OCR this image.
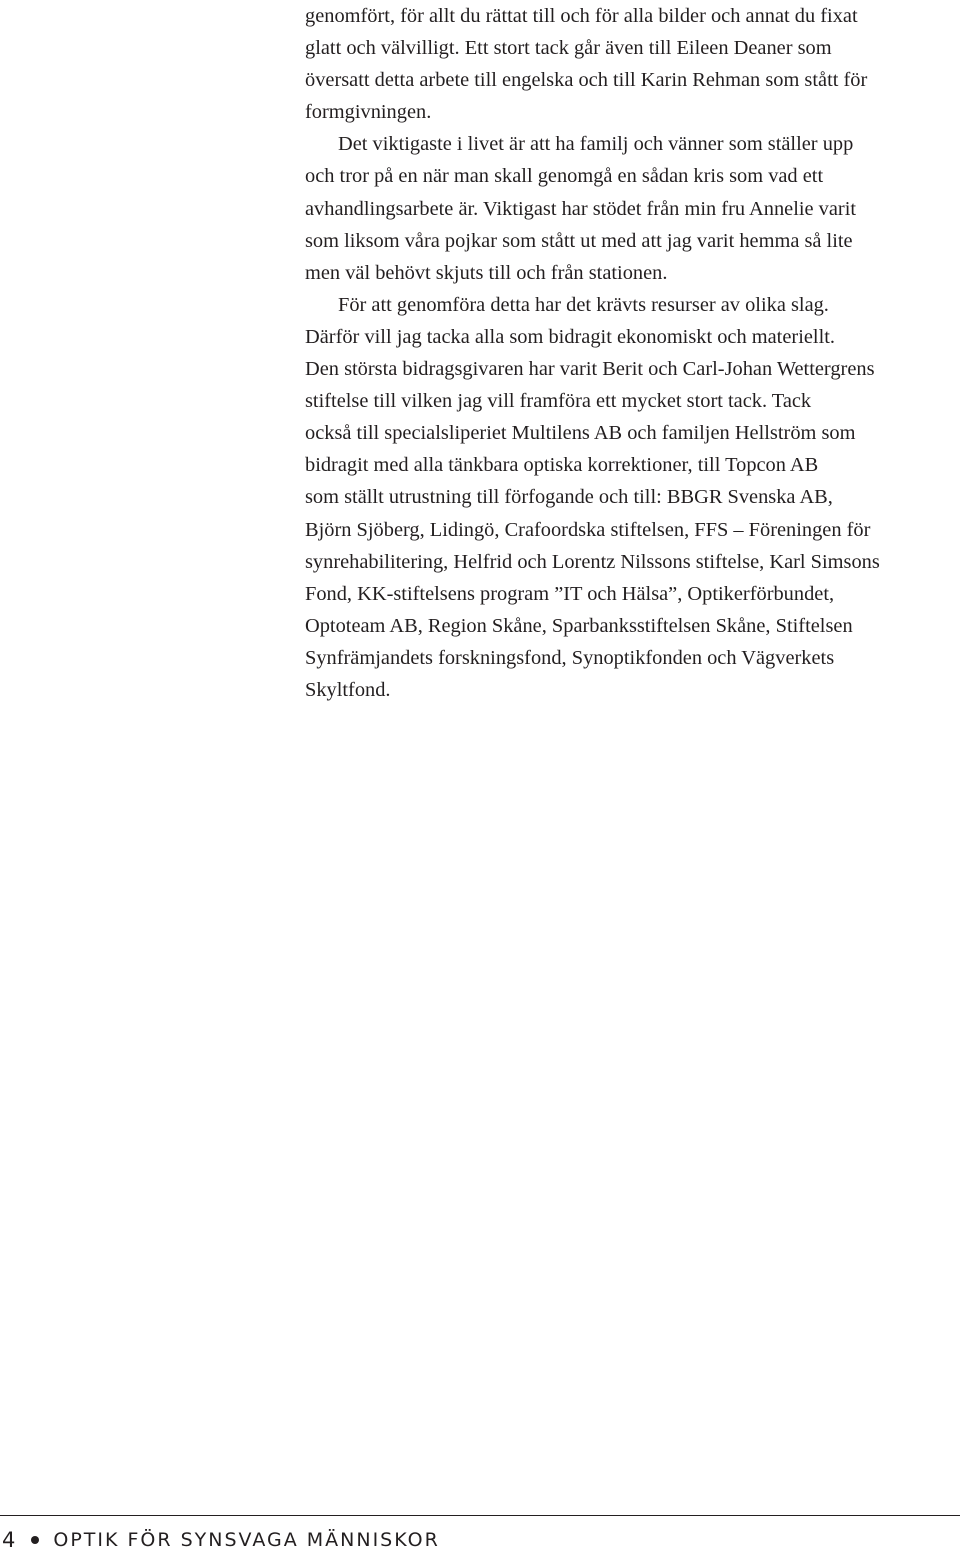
genomfört, för allt du rättat till och för alla bilder och annat du fixat
glatt och välvilligt. Ett stort tack går även till Eileen Deaner som
översatt detta arbete till engelska och till Karin Rehman som stått för
formgivningen.
Det viktigaste i livet är att ha familj och vänner som ställer upp
och tror på en när man skall genomgå en sådan kris som vad ett
avhandlingsarbete är. Viktigast har stödet från min fru Annelie varit
som liksom våra pojkar som stått ut med att jag varit hemma så lite
men väl behövt skjuts till och från stationen.
För att genomföra detta har det krävts resurser av olika slag.
Därför vill jag tacka alla som bidragit ekonomiskt och materiellt.
Den största bidragsgivaren har varit Berit och Carl-Johan Wettergrens
stiftelse till vilken jag vill framföra ett mycket stort tack. Tack
också till specialsliperiet Multilens AB och familjen Hellström som
bidragit med alla tänkbara optiska korrektioner, till Topcon AB
som ställt utrustning till förfogande och till: BBGR Svenska AB,
Björn Sjöberg, Lidingö, Crafoordska stiftelsen, FFS – Föreningen för
synrehabilitering, Helfrid och Lorentz Nilssons stiftelse, Karl Simsons
Fond, KK-stiftelsens program ”IT och Hälsa”, Optikerförbundet,
Optoteam AB, Region Skåne, Sparbanksstiftelsen Skåne, Stiftelsen
Synfrämjandets forskningsfond, Synoptikfonden och Vägverkets
Skyltfond.
4 OPTIK FÖR SYNSVAGA MÄNNISKOR
